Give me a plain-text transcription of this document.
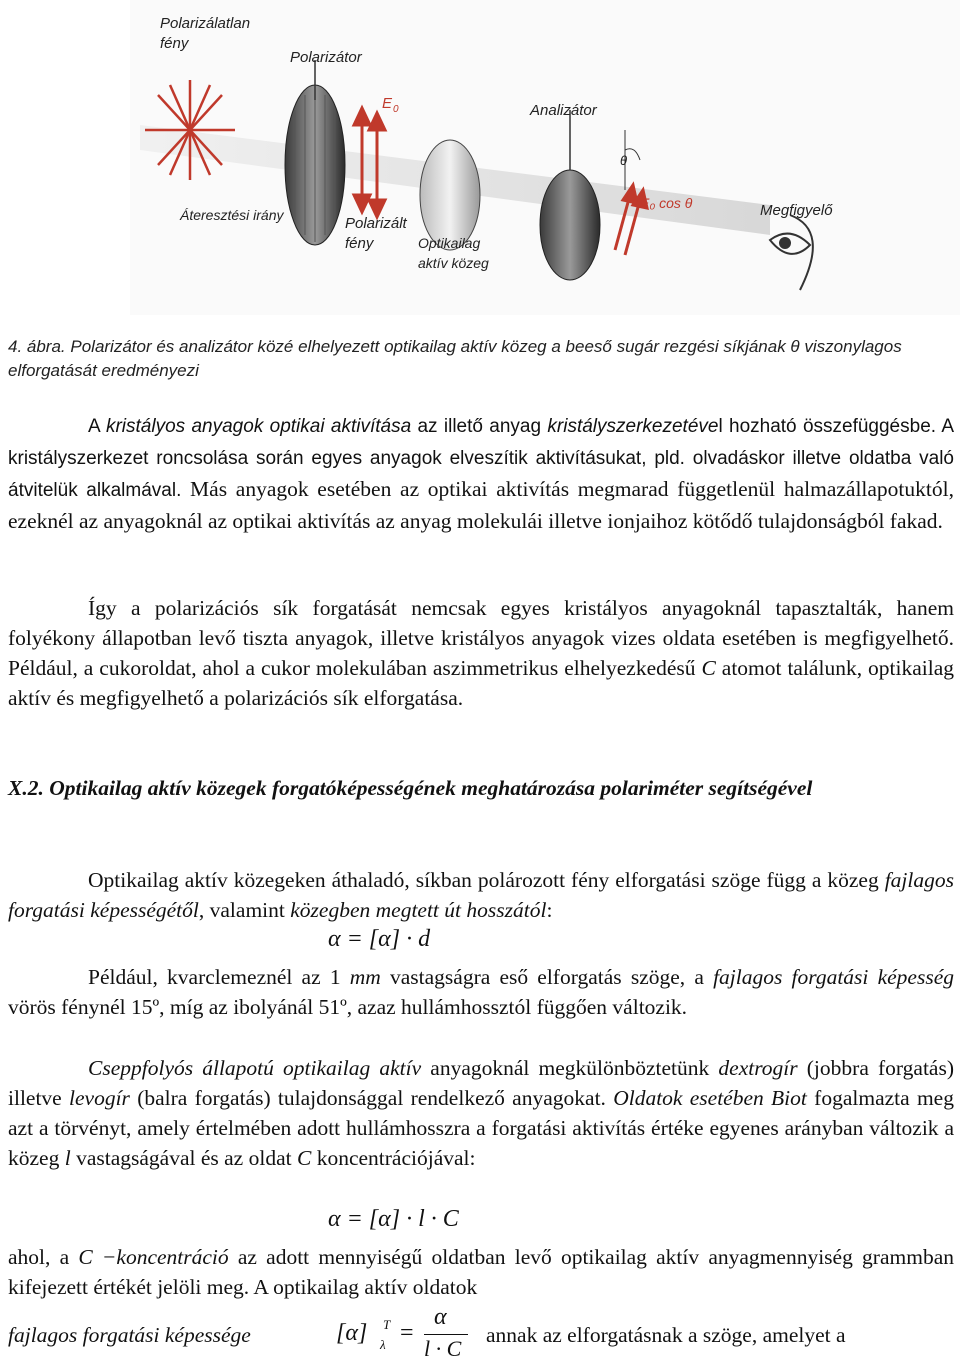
Polarizálatlan
fény
Polarizátor
E 0	Analizátor
θ
E₀ cos θ	Megfigyelő
Áteresztési irány	Polarizált
fény	Optikailag
aktív közeg
4. ábra. Polarizátor és analizátor közé elhelyezett optikailag aktív közeg a beeső sugár rezgési síkjának θ viszonylagos elforgatását eredményezi

A kristályos anyagok optikai aktivítása az illető anyag kristályszerkezetével hozható összefüggésbe. A kristályszerkezet roncsolása során egyes anyagok elveszítik aktivításukat, pld. olvadáskor illetve oldatba való átvitelük alkalmával. Más anyagok esetében az optikai aktivítás megmarad függetlenül halmazállapotuktól, ezeknél az anyagoknál az optikai aktivítás az anyag molekulái illetve ionjaihoz kötődő tulajdonságból fakad.

Így a polarizációs sík forgatását nemcsak egyes kristályos anyagoknál tapasztalták, hanem folyékony állapotban levő tiszta anyagok, illetve kristályos anyagok vizes oldata esetében is megfigyelhető. Például, a cukoroldat, ahol a cukor molekulában aszimmetrikus elhelyezkedésű C atomot találunk, optikailag aktív és megfigyelhető a polarizációs sík elforgatása.

X.2. Optikailag aktív közegek forgatóképességének meghatározása polariméter segítségével

Optikailag aktív közegeken áthaladó, síkban polározott fény elforgatási szöge függ a közeg fajlagos forgatási képességétől, valamint közegben megtett út hosszától:

α = [α] · d

Például, kvarclemeznél az 1 mm vastagságra eső elforgatás szöge, a fajlagos forgatási képesség vörös fénynél 15º, míg az ibolyánál 51º, azaz hullámhossztól függően változik.

Cseppfolyós állapotú optikailag aktív anyagoknál megkülönböztetünk dextrogír (jobbra forgatás) illetve levogír (balra forgatás) tulajdonsággal rendelkező anyagokat. Oldatok esetében Biot fogalmazta meg azt a törvényt, amely értelmében adott hullámhosszra a forgatási aktivítás értéke egyenes arányban változik a közeg l vastagságával és az oldat C koncentrációjával:

α = [α] · l · C

ahol, a C −koncentráció az adott mennyiségű oldatban levő optikailag aktív anyagmennyiség grammban kifejezett értékét jelöli meg. A optikailag aktív oldatok

fajlagos forgatási képessége	[α] T
λ =
α
l · C
annak az elforgatásnak a szöge, amelyet a
